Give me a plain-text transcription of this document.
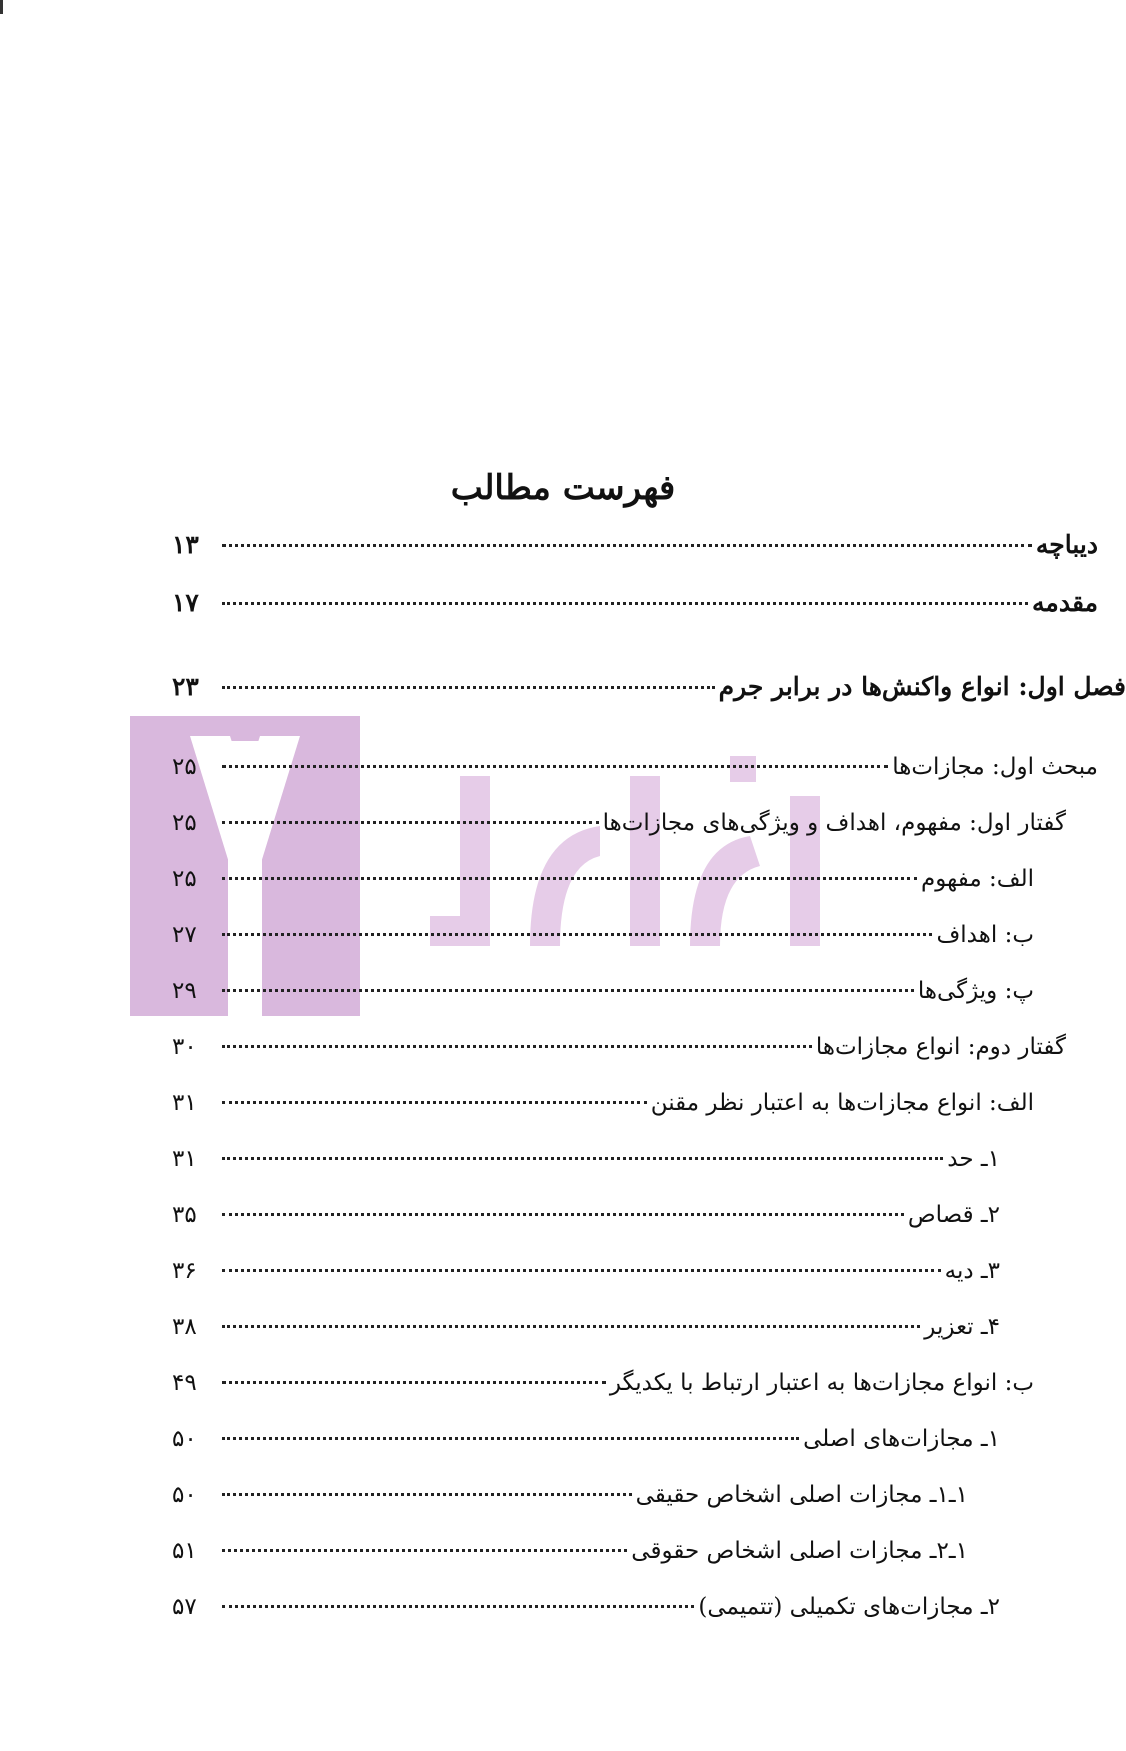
فهرست مطالب
دیباچه
۱۳
مقدمه
۱۷
فصل اول: انواع واکنش‌ها در برابر جرم
۲۳
مبحث اول: مجازات‌ها
۲۵
گفتار اول: مفهوم، اهداف و ویژگی‌های مجازات‌ها
۲۵
الف: مفهوم
۲۵
ب: اهداف
۲۷
پ: ویژگی‌ها
۲۹
گفتار دوم: انواع مجازات‌ها
۳۰
الف: انواع مجازات‌ها به اعتبار نظر مقنن
۳۱
۱ـ حد
۳۱
۲ـ قصاص
۳۵
۳ـ دیه
۳۶
۴ـ تعزیر
۳۸
ب: انواع مجازات‌ها به اعتبار ارتباط با یکدیگر
۴۹
۱ـ مجازات‌های اصلی
۵۰
۱ـ۱ـ مجازات اصلی اشخاص حقیقی
۵۰
۱ـ۲ـ مجازات اصلی اشخاص حقوقی
۵۱
۲ـ مجازات‌های تکمیلی (تتمیمی)
۵۷
